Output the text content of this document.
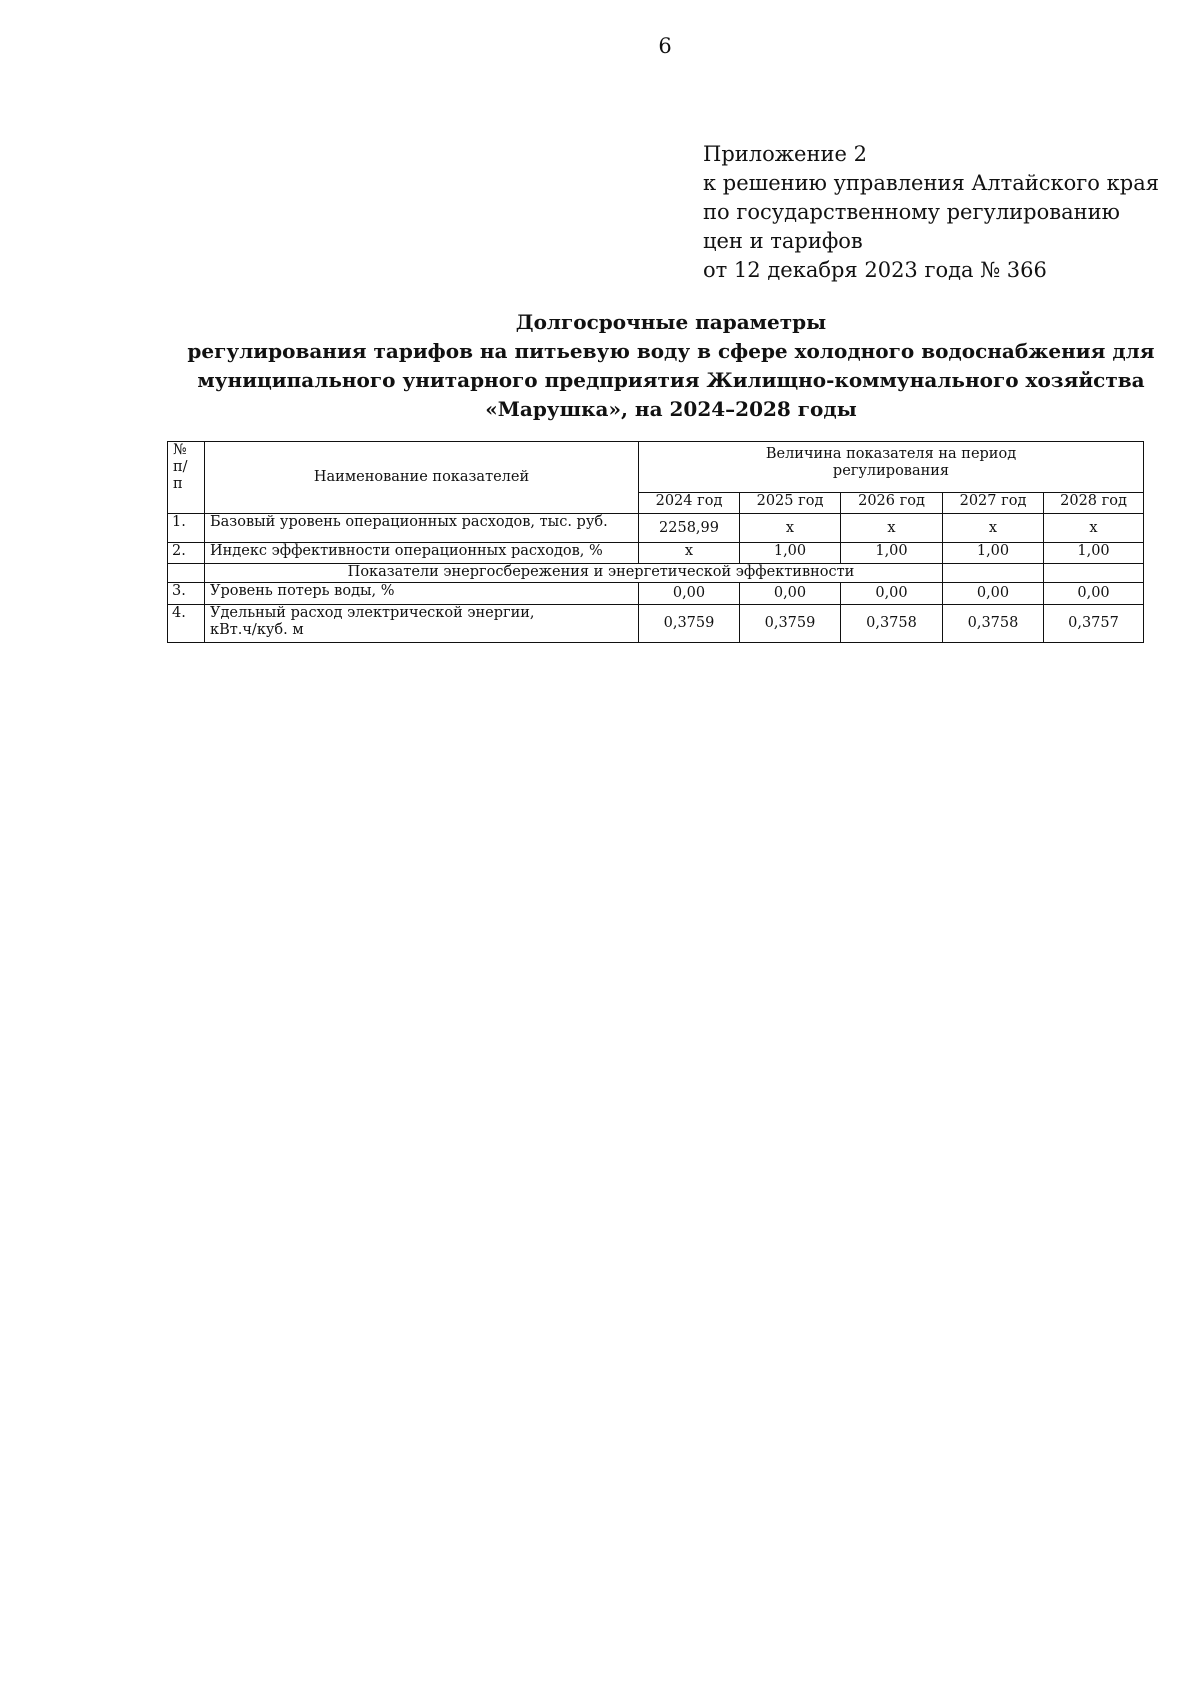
6
Приложение 2
к решению управления Алтайского края
по государственному регулированию
цен и тарифов
от 12 декабря 2023 года № 366
Долгосрочные параметры
регулирования тарифов на питьевую воду в сфере холодного водоснабжения для
муниципального унитарного предприятия Жилищно-коммунального хозяйства
«Марушка», на 2024–2028 годы
№ п/ п	Наименование показателей	Величина показателя на период регулирования				
		2024 год	2025 год	2026 год	2027 год	2028 год
1.	Базовый уровень операционных расходов, тыс. руб.	2258,99	x	x	x	x
2.	Индекс эффективности операционных расходов, %	x	1,00	1,00	1,00	1,00
	Показатели энергосбережения и энергетической эффективности					
3.	Уровень потерь воды, %	0,00	0,00	0,00	0,00	0,00
4.	Удельный расход электрической энергии, кВт.ч/куб. м	0,3759	0,3759	0,3758	0,3758	0,3757
